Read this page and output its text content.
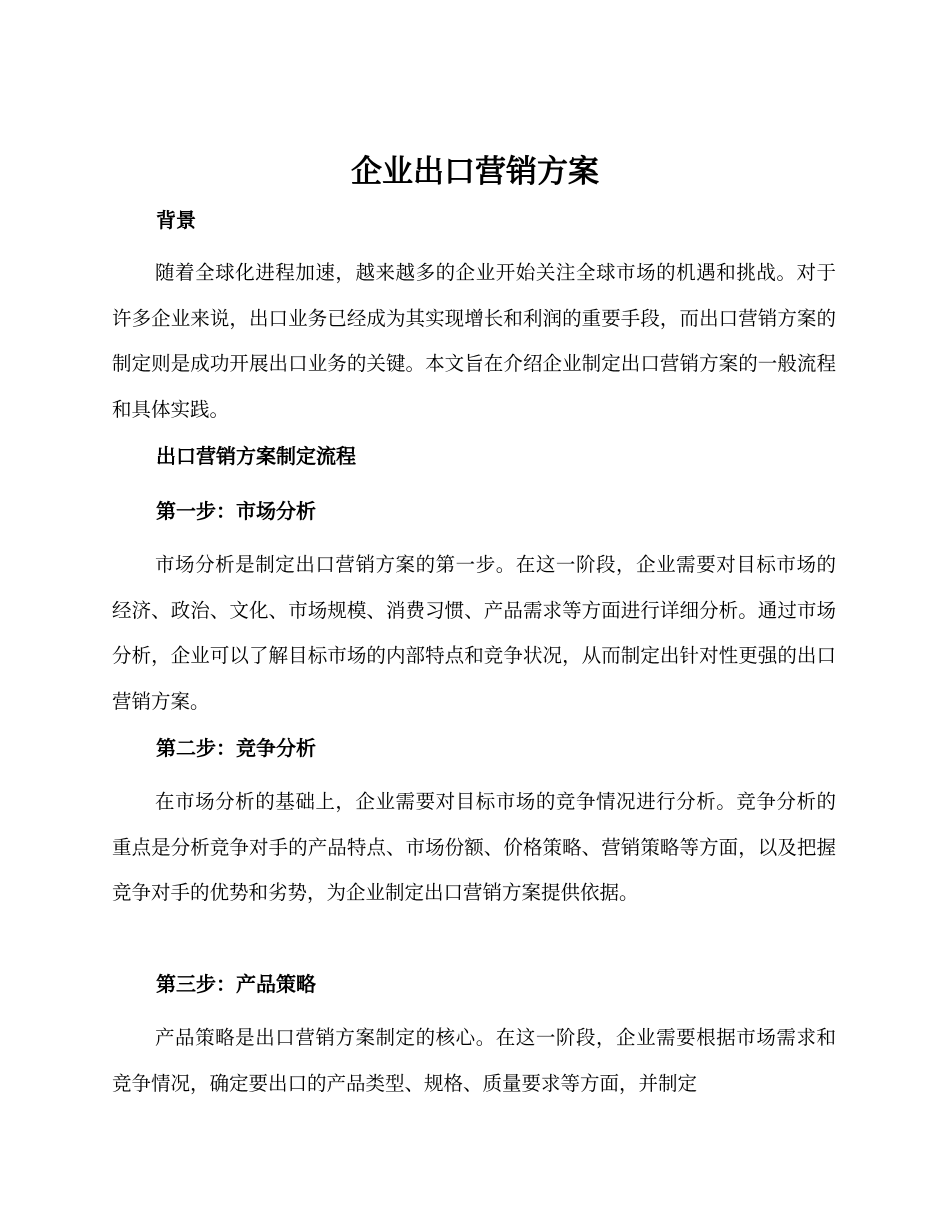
企业出口营销方案
背景

随着全球化进程加速，越来越多的企业开始关注全球市场的机遇和挑战。对于许多企业来说，出口业务已经成为其实现增长和利润的重要手段，而出口营销方案的制定则是成功开展出口业务的关键。本文旨在介绍企业制定出口营销方案的一般流程和具体实践。

出口营销方案制定流程
第一步：市场分析

市场分析是制定出口营销方案的第一步。在这一阶段，企业需要对目标市场的经济、政治、文化、市场规模、消费习惯、产品需求等方面进行详细分析。通过市场分析，企业可以了解目标市场的内部特点和竞争状况，从而制定出针对性更强的出口营销方案。

第二步：竞争分析

在市场分析的基础上，企业需要对目标市场的竞争情况进行分析。竞争分析的重点是分析竞争对手的产品特点、市场份额、价格策略、营销策略等方面，以及把握竞争对手的优势和劣势，为企业制定出口营销方案提供依据。

第三步：产品策略

产品策略是出口营销方案制定的核心。在这一阶段，企业需要根据市场需求和竞争情况，确定要出口的产品类型、规格、质量要求等方面，并制定
